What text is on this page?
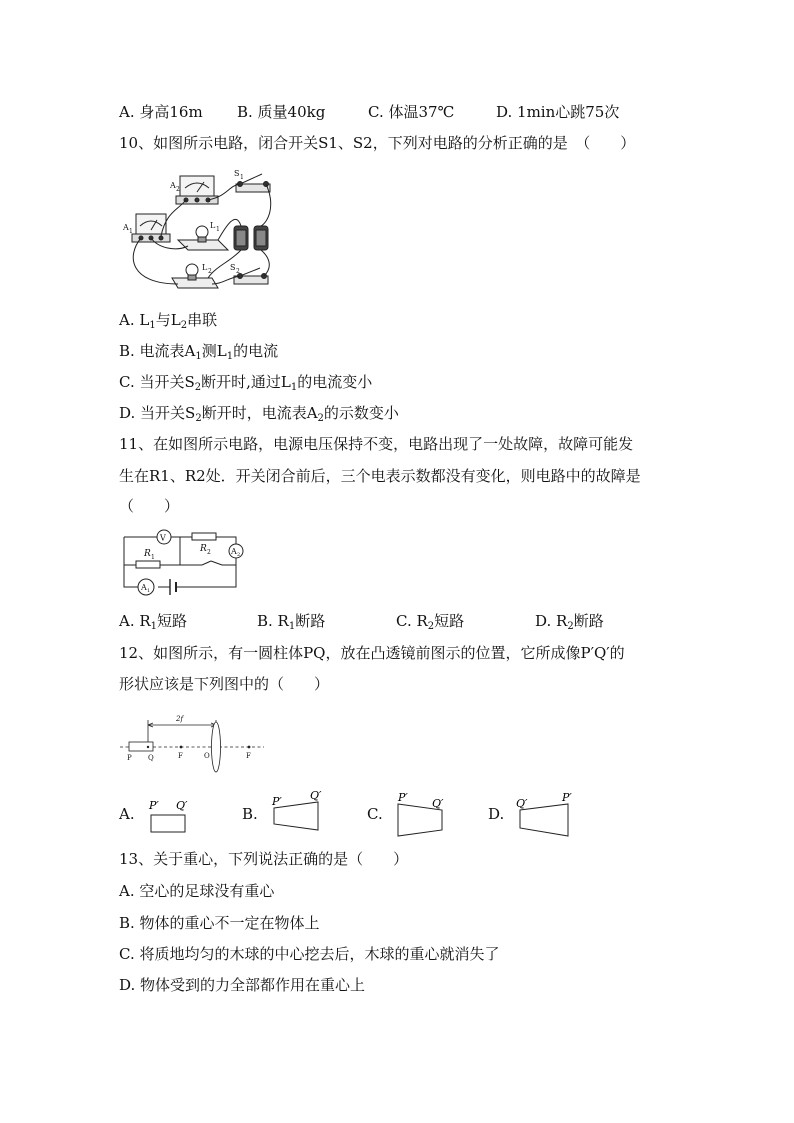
A. 身高16m B. 质量40kg	C. 体温37℃	D. 1min心跳75次
10、如图所示电路，闭合开关S1、S2，下列对电路的分析正确的是　（　　）
A 2
A 1
S 1
L 1
L 2 S 2
A. $L_1$与$L_2$串联
B. 电流表$A_1$测$L_1$的电流
C. 当开关$S_2$断开时,通过$L_1$的电流变小
D. 当开关$S_2$断开时，电流表$A_2$的示数变小
11、在如图所示电路，电源电压保持不变，电路出现了一处故障，故障可能发
生在R1、R2处．开关闭合前后，三个电表示数都没有变化，则电路中的故障是
（　　）
V
R 1
R 2	A 2
A 1
A. $R_1$短路	B. $R_1$断路	C. $R_2$短路	D. $R_2$断路
12、如图所示，有一圆柱体PQ，放在凸透镜前图示的位置，它所成像P′Q′的
形状应该是下列图中的（　　）
2f
P Q	F	O	F
A. P′ Q′	B.
P′	Q′
C.
P′ Q′
D.
Q′	P′
13、关于重心，下列说法正确的是（　　）
A. 空心的足球没有重心
B. 物体的重心不一定在物体上
C. 将质地均匀的木球的中心挖去后，木球的重心就消失了
D. 物体受到的力全部都作用在重心上
